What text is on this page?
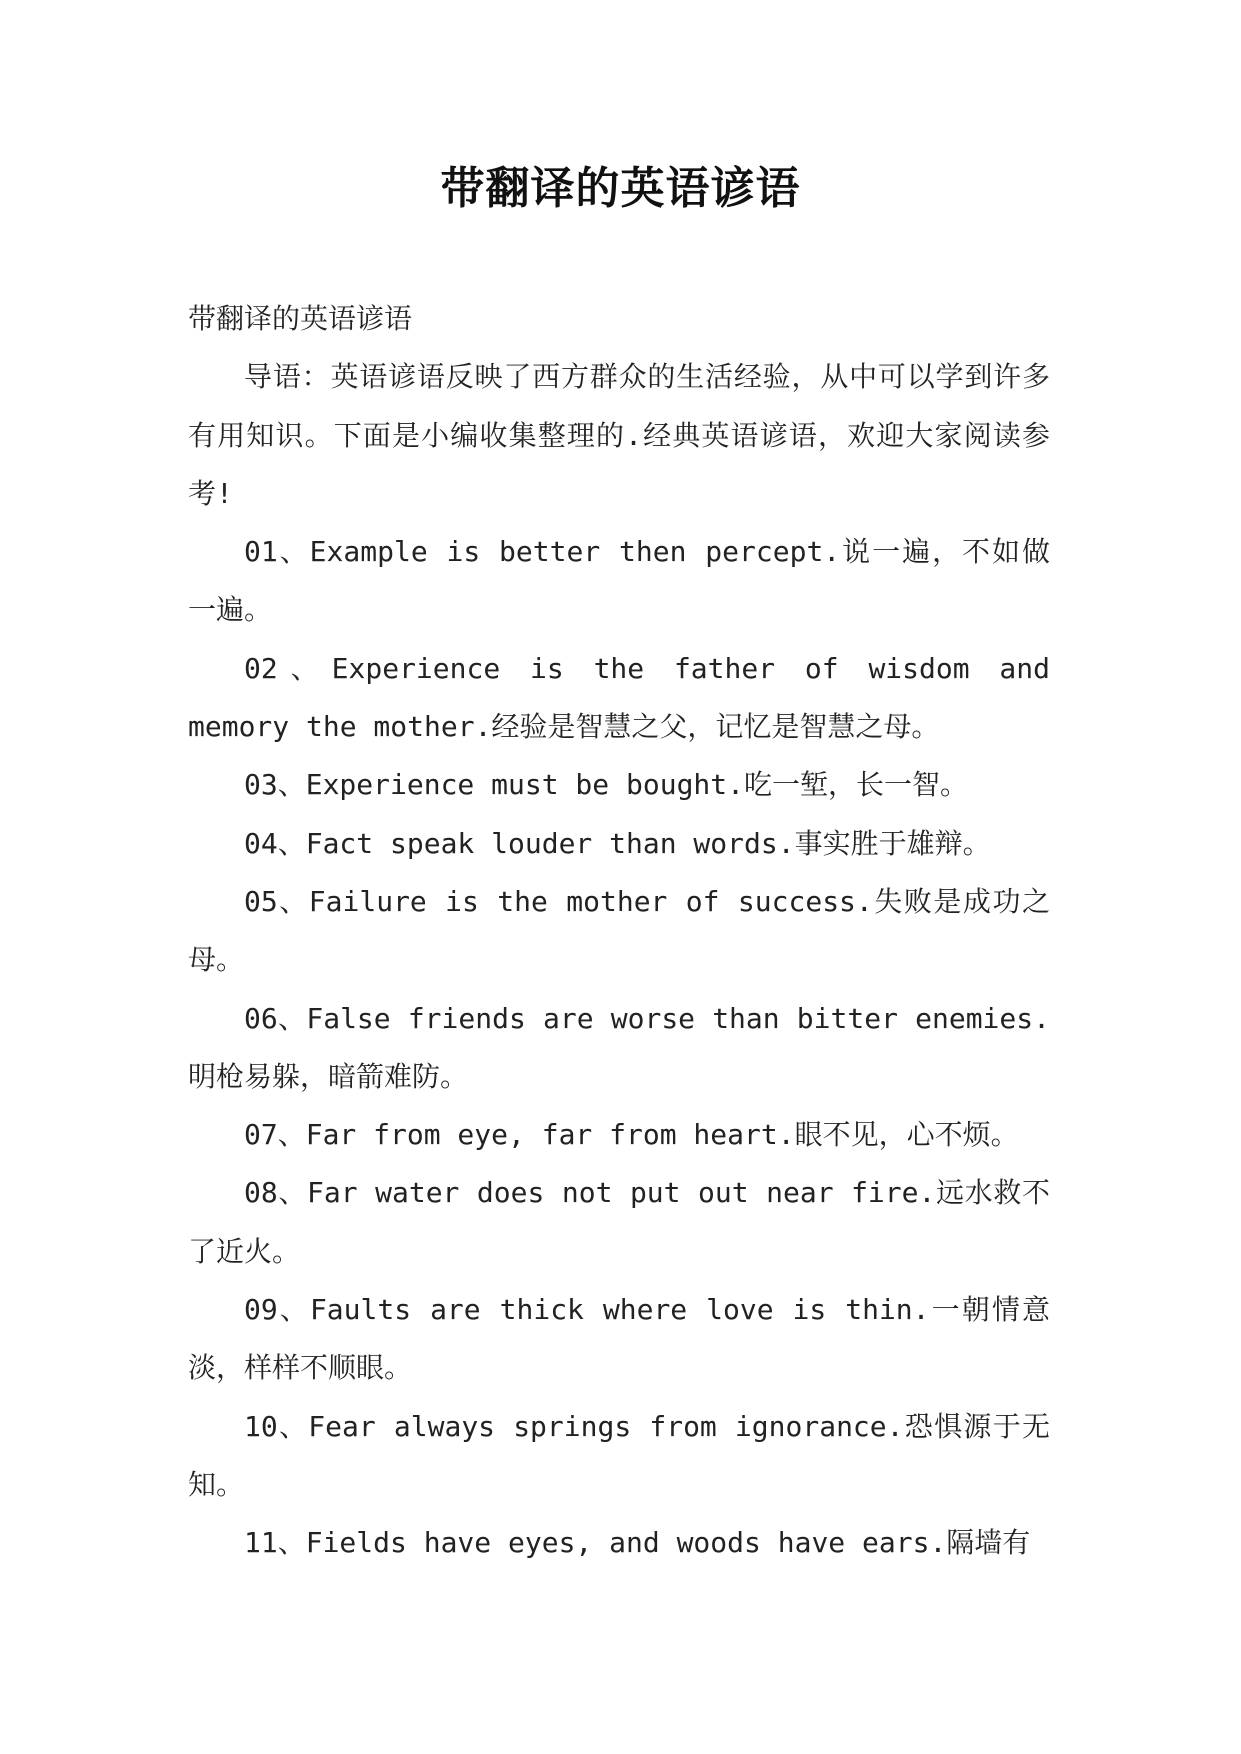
带翻译的英语谚语

带翻译的英语谚语

导语：英语谚语反映了西方群众的生活经验，从中可以学到许多有用知识。下面是小编收集整理的.经典英语谚语，欢迎大家阅读参考!

01、Example is better then percept.说一遍，不如做一遍。

02、Experience is the father of wisdom and memory the mother.经验是智慧之父，记忆是智慧之母。

03、Experience must be bought.吃一堑，长一智。

04、Fact speak louder than words.事实胜于雄辩。

05、Failure is the mother of success.失败是成功之母。

06、False friends are worse than bitter enemies.明枪易躲，暗箭难防。

07、Far from eye, far from heart.眼不见，心不烦。

08、Far water does not put out near fire.远水救不了近火。

09、Faults are thick where love is thin.一朝情意淡，样样不顺眼。

10、Fear always springs from ignorance.恐惧源于无知。

11、Fields have eyes, and woods have ears.隔墙有
